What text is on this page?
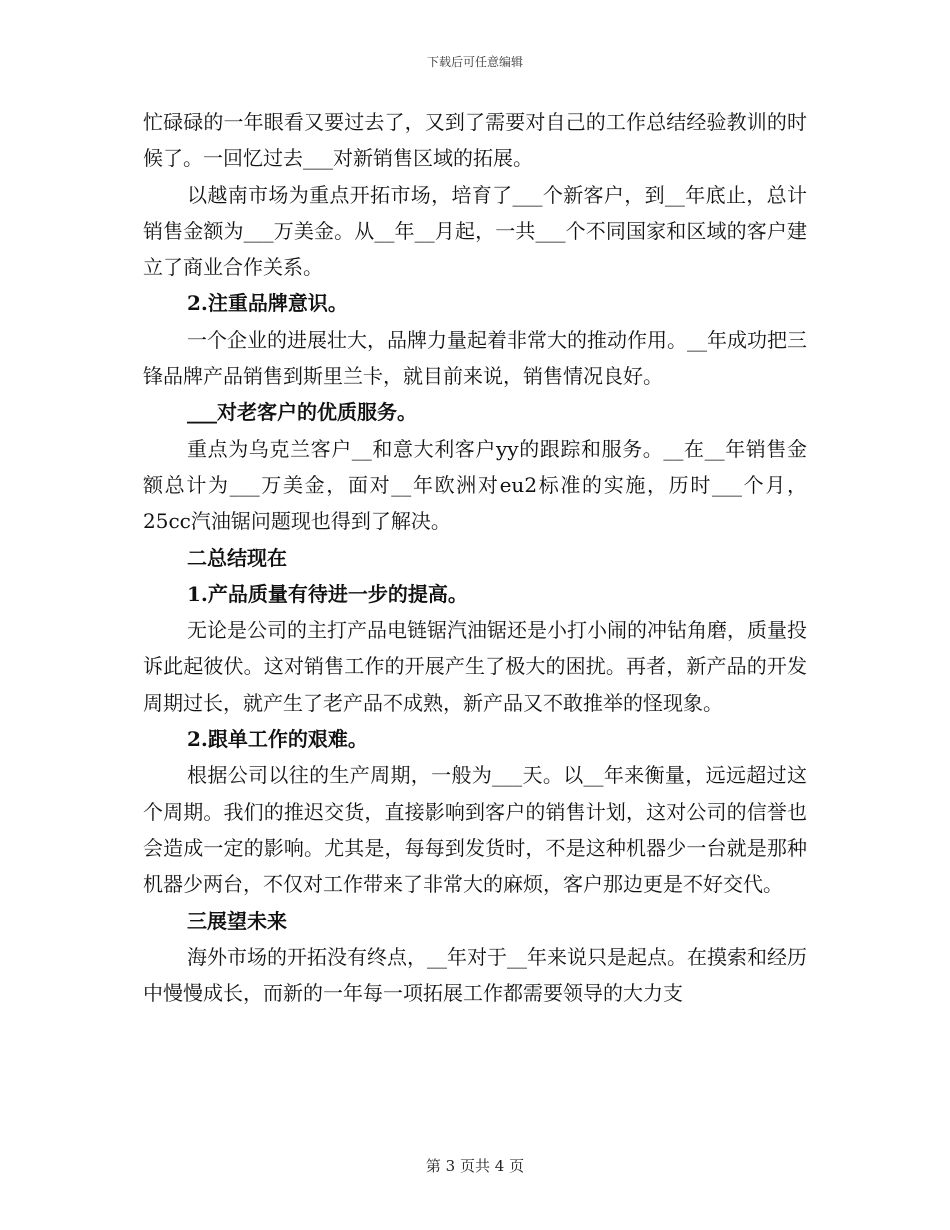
下载后可任意编辑

忙碌碌的一年眼看又要过去了，又到了需要对自己的工作总结经验教训的时候了。一回忆过去___对新销售区域的拓展。

以越南市场为重点开拓市场，培育了___个新客户，到__年底止，总计销售金额为___万美金。从__年__月起，一共___个不同国家和区域的客户建立了商业合作关系。

2.注重品牌意识。

一个企业的进展壮大，品牌力量起着非常大的推动作用。__年成功把三锋品牌产品销售到斯里兰卡，就目前来说，销售情况良好。

___对老客户的优质服务。

重点为乌克兰客户__和意大利客户yy的跟踪和服务。__在__年销售金额总计为___万美金，面对__年欧洲对eu2标准的实施，历时___个月，25cc汽油锯问题现也得到了解决。

二总结现在

1.产品质量有待进一步的提高。

无论是公司的主打产品电链锯汽油锯还是小打小闹的冲钻角磨，质量投诉此起彼伏。这对销售工作的开展产生了极大的困扰。再者，新产品的开发周期过长，就产生了老产品不成熟，新产品又不敢推举的怪现象。

2.跟单工作的艰难。

根据公司以往的生产周期，一般为___天。以__年来衡量，远远超过这个周期。我们的推迟交货，直接影响到客户的销售计划，这对公司的信誉也会造成一定的影响。尤其是，每每到发货时，不是这种机器少一台就是那种机器少两台，不仅对工作带来了非常大的麻烦，客户那边更是不好交代。

三展望未来

海外市场的开拓没有终点，__年对于__年来说只是起点。在摸索和经历中慢慢成长，而新的一年每一项拓展工作都需要领导的大力支

第 3 页共 4 页
